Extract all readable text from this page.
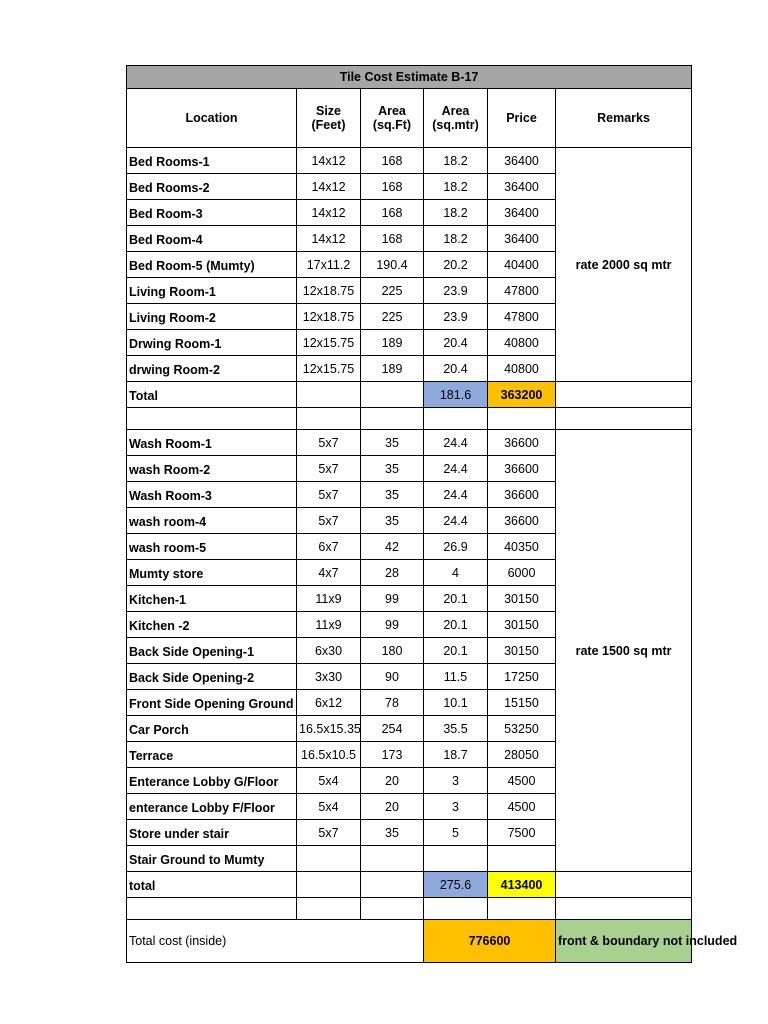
Tile Cost Estimate B-17					
Location	Size (Feet)	Area (sq.Ft)	Area (sq.mtr)	Price	Remarks
Bed Rooms-1	14x12	168	18.2	36400	rate 2000 sq mtr
Bed Rooms-2	14x12	168	18.2	36400	
Bed Room-3	14x12	168	18.2	36400	
Bed Room-4	14x12	168	18.2	36400	
Bed Room-5 (Mumty)	17x11.2	190.4	20.2	40400	
Living Room-1	12x18.75	225	23.9	47800	
Living Room-2	12x18.75	225	23.9	47800	
Drwing Room-1	12x15.75	189	20.4	40800	
drwing Room-2	12x15.75	189	20.4	40800	
Total			181.6	363200	

Wash Room-1	5x7	35	24.4	36600	rate 1500 sq mtr
wash Room-2	5x7	35	24.4	36600	
Wash Room-3	5x7	35	24.4	36600	
wash room-4	5x7	35	24.4	36600	
wash room-5	6x7	42	26.9	40350	
Mumty store	4x7	28	4	6000	
Kitchen-1	11x9	99	20.1	30150	
Kitchen -2	11x9	99	20.1	30150	
Back Side Opening-1	6x30	180	20.1	30150	
Back Side Opening-2	3x30	90	11.5	17250	
Front Side Opening Ground	6x12	78	10.1	15150	
Car Porch	16.5x15.35	254	35.5	53250	
Terrace	16.5x10.5	173	18.7	28050	
Enterance Lobby G/Floor	5x4	20	3	4500	
enterance Lobby F/Floor	5x4	20	3	4500	
Store under stair	5x7	35	5	7500	
Stair Ground to Mumty					
total			275.6	413400	

Total cost (inside)			776600		front & boundary not included
